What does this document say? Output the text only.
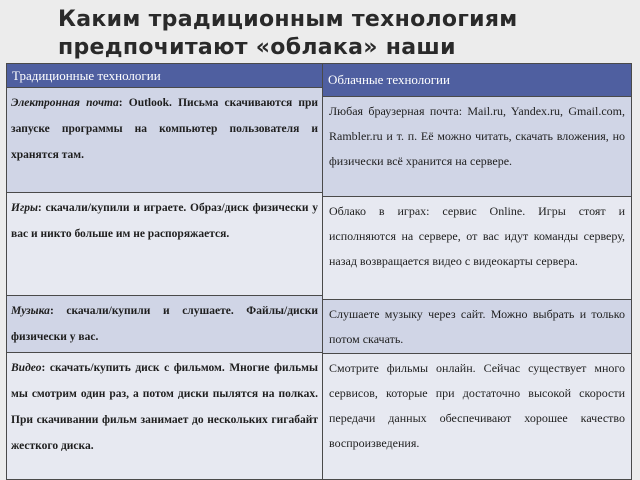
Каким традиционным технологиям предпочитают «облака» наши
Традиционные технологии
Электронная почта: Outlook. Письма скачиваются при запуске программы на компьютер пользователя и хранятся там.
Игры: скачали/купили и играете. Образ/диск физически у вас и никто больше им не распоряжается.
Музыка: скачали/купили и слушаете. Файлы/диски физически у вас.
Видео: скачать/купить диск с фильмом. Многие фильмы мы смотрим один раз, а потом диски пылятся на полках. При скачивании фильм занимает до нескольких гигабайт жесткого диска.
Облачные технологии
Любая браузерная почта: Mail.ru, Yandex.ru, Gmail.com, Rambler.ru и т. п. Её можно читать, скачать вложения, но физически всё хранится на сервере.
Облако в играх: сервис Online. Игры стоят и исполняются на сервере, от вас идут команды серверу, назад возвращается видео с видеокарты сервера.
Слушаете музыку через сайт. Можно выбрать и только потом скачать.
Смотрите фильмы онлайн. Сейчас существует много сервисов, которые при достаточно высокой скорости передачи данных обеспечивают хорошее качество воспроизведения.
